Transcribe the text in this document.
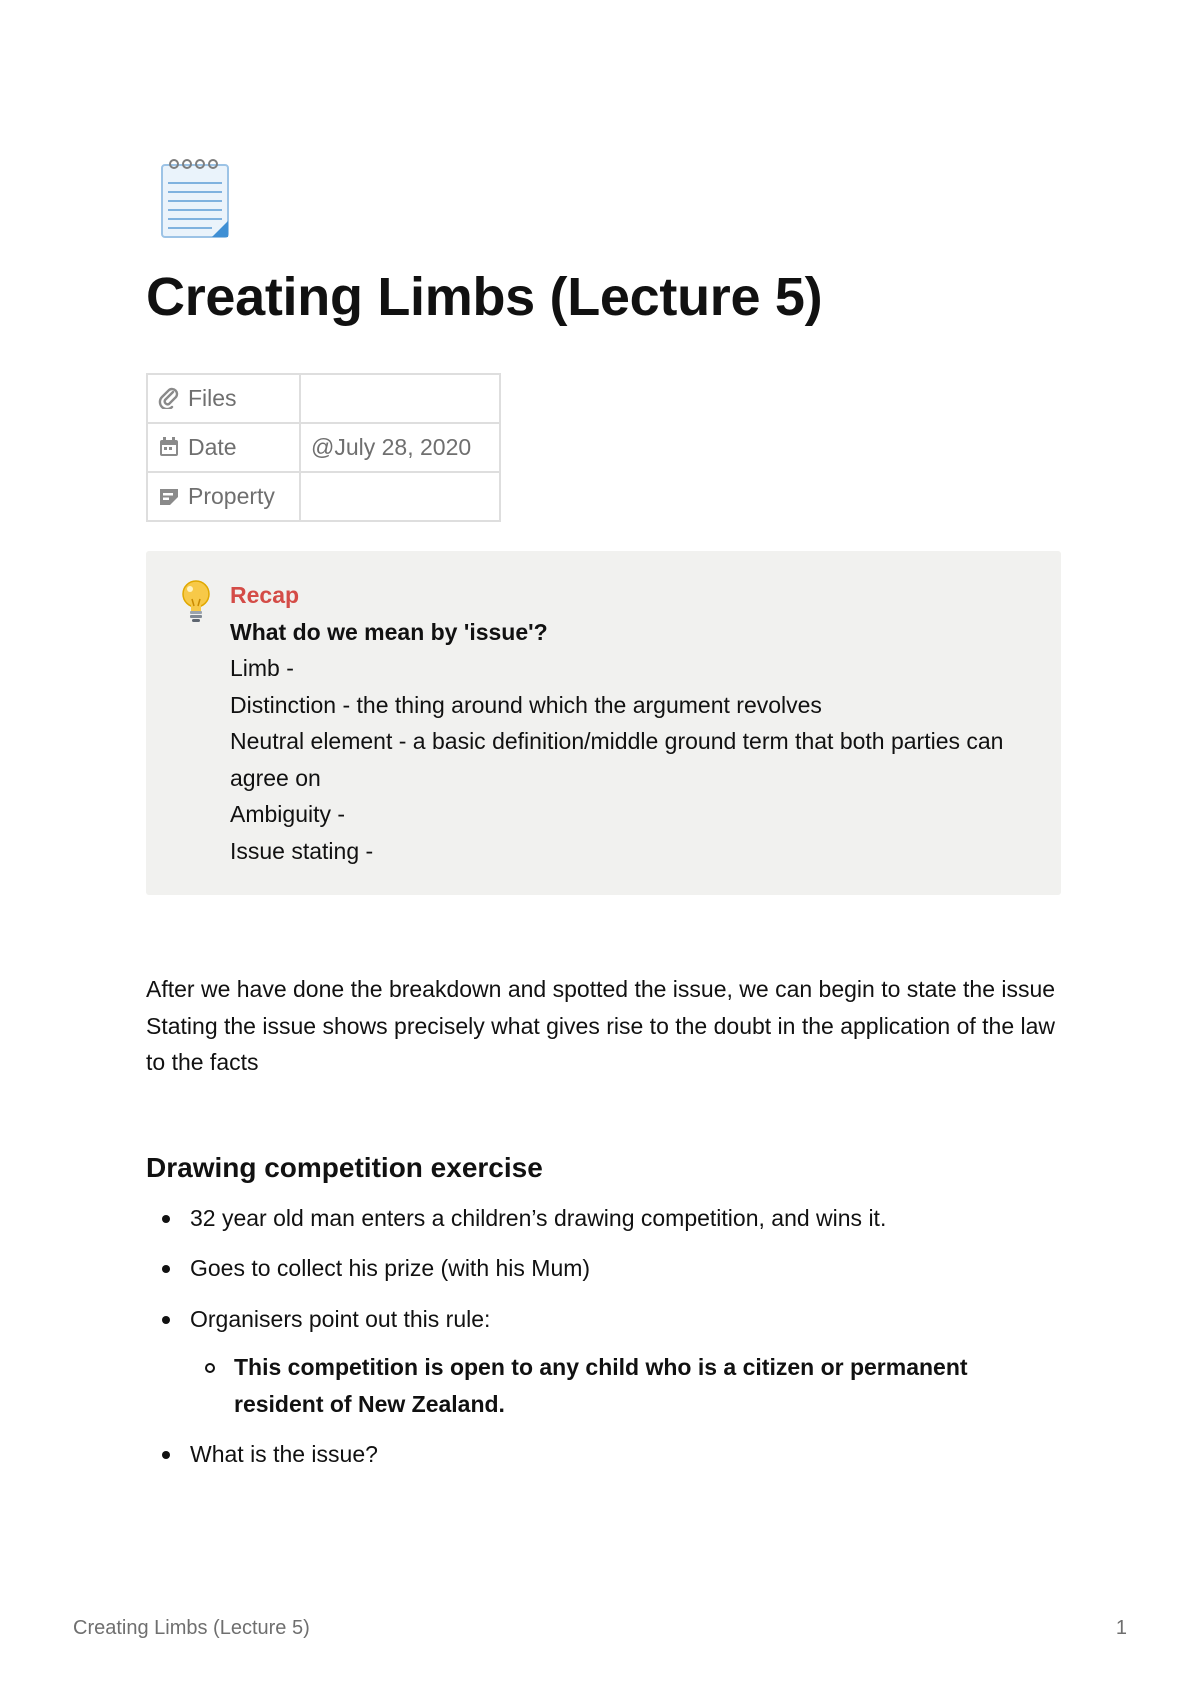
Creating Limbs (Lecture 5)
Files	
Date	@July 28, 2020
Property	
Recap
What do we mean by 'issue'?
Limb -
Distinction - the thing around which the argument revolves
Neutral element - a basic definition/middle ground term that both parties can agree on
Ambiguity -
Issue stating -

After we have done the breakdown and spotted the issue, we can begin to state the issue

Stating the issue shows precisely what gives rise to the doubt in the application of the law to the facts

Drawing competition exercise
32 year old man enters a children’s drawing competition, and wins it.
Goes to collect his prize (with his Mum)
Organisers point out this rule:
This competition is open to any child who is a citizen or permanent resident of New Zealand.
What is the issue?
Creating Limbs (Lecture 5)	1
